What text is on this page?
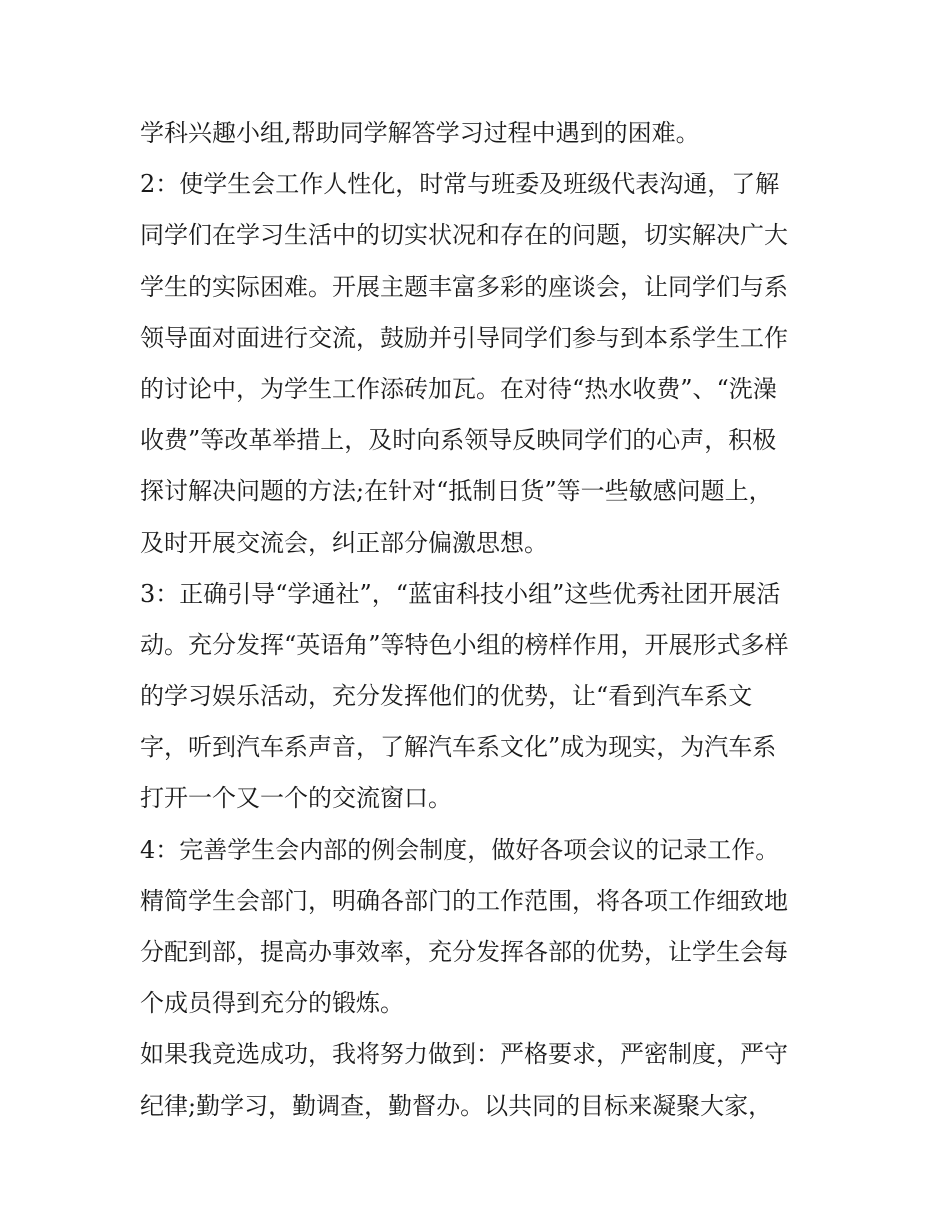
学科兴趣小组,帮助同学解答学习过程中遇到的困难。
2：使学生会工作人性化，时常与班委及班级代表沟通，了解
同学们在学习生活中的切实状况和存在的问题，切实解决广大
学生的实际困难。开展主题丰富多彩的座谈会，让同学们与系
领导面对面进行交流，鼓励并引导同学们参与到本系学生工作
的讨论中，为学生工作添砖加瓦。在对待“热水收费”、“洗澡
收费”等改革举措上，及时向系领导反映同学们的心声，积极
探讨解决问题的方法;在针对“抵制日货”等一些敏感问题上，
及时开展交流会，纠正部分偏激思想。
3：正确引导“学通社”，“蓝宙科技小组”这些优秀社团开展活
动。充分发挥“英语角”等特色小组的榜样作用，开展形式多样
的学习娱乐活动，充分发挥他们的优势，让“看到汽车系文
字，听到汽车系声音，了解汽车系文化”成为现实，为汽车系
打开一个又一个的交流窗口。
4：完善学生会内部的例会制度，做好各项会议的记录工作。
精简学生会部门，明确各部门的工作范围，将各项工作细致地
分配到部，提高办事效率，充分发挥各部的优势，让学生会每
个成员得到充分的锻炼。
如果我竞选成功，我将努力做到：严格要求，严密制度，严守
纪律;勤学习，勤调查，勤督办。以共同的目标来凝聚大家，
